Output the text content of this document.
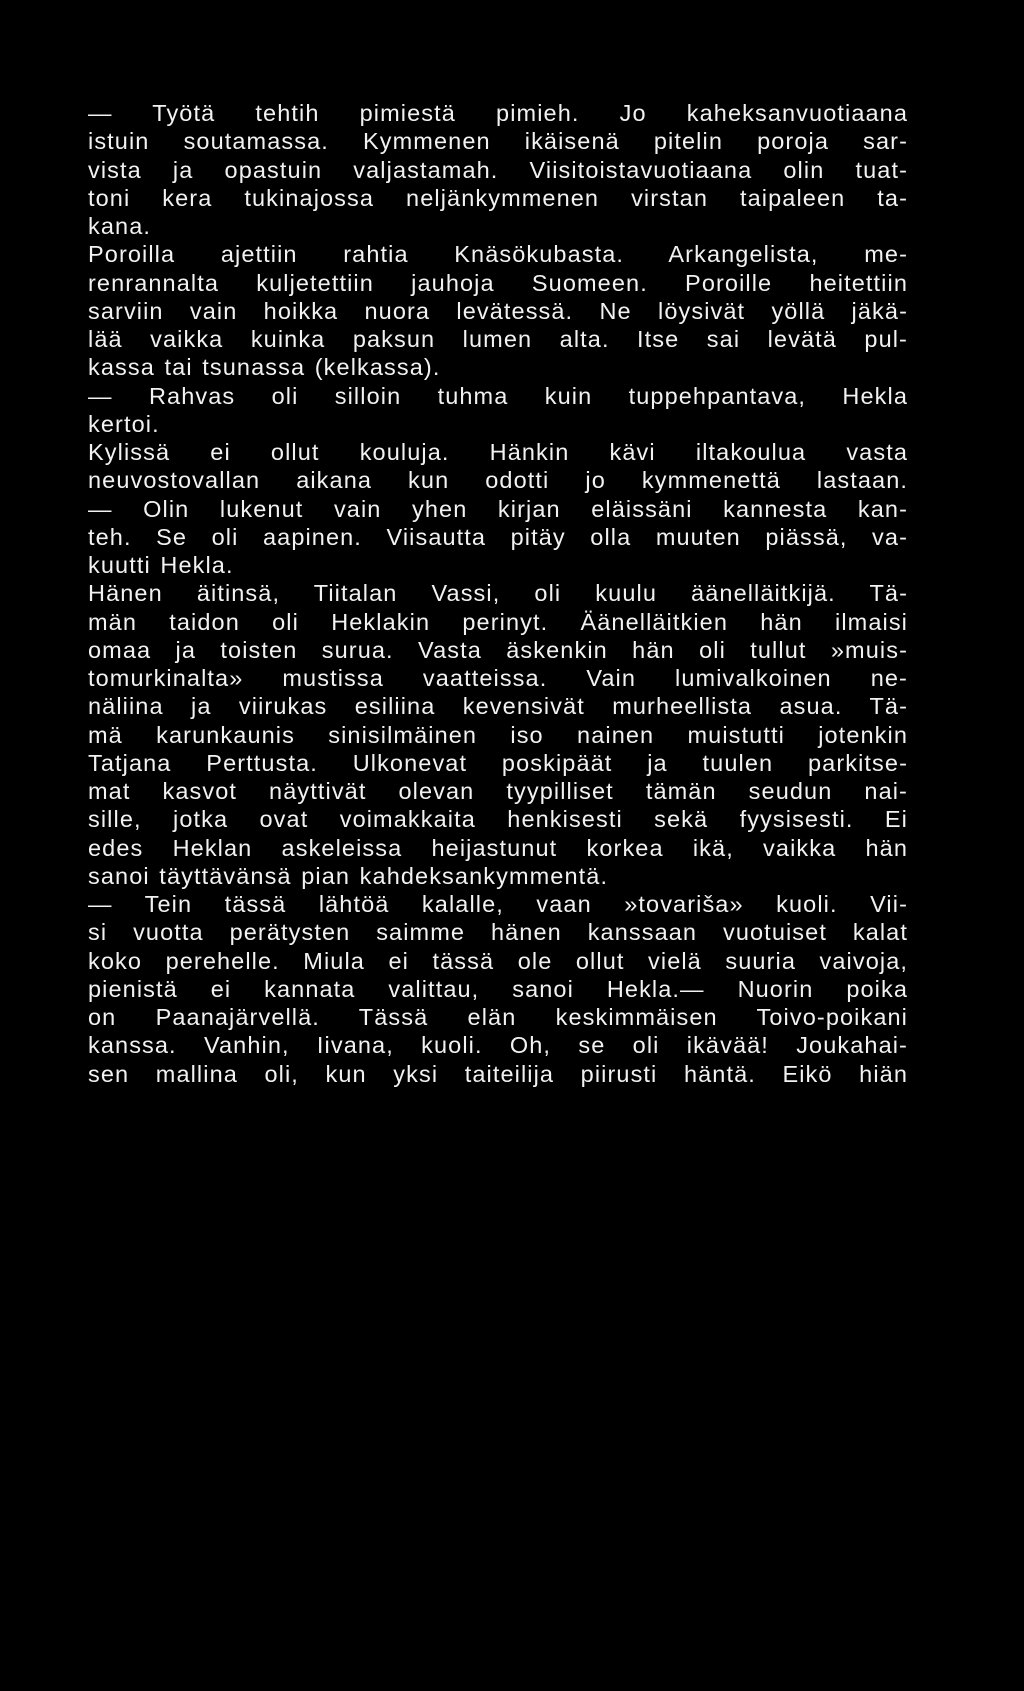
— Työtä tehtih pimiestä pimieh. Jo kaheksanvuotiaana
istuin soutamassa. Kymmenen ikäisenä pitelin poroja sar-
vista ja opastuin valjastamah. Viisitoistavuotiaana olin tuat-
toni kera tukinajossa neljänkymmenen virstan taipaleen ta-
kana.
Poroilla ajettiin rahtia Knäsökubasta. Arkangelista, me-
renrannalta kuljetettiin jauhoja Suomeen. Poroille heitettiin
sarviin vain hoikka nuora levätessä. Ne löysivät yöllä jäkä-
lää vaikka kuinka paksun lumen alta. Itse sai levätä pul-
kassa tai tsunassa (kelkassa).
— Rahvas oli silloin tuhma kuin tuppehpantava, Hekla
kertoi.
Kylissä ei ollut kouluja. Hänkin kävi iltakoulua vasta
neuvostovallan aikana kun odotti jo kymmenettä lastaan.
— Olin lukenut vain yhen kirjan eläissäni kannesta kan-
teh. Se oli aapinen. Viisautta pitäy olla muuten piässä, va-
kuutti Hekla.
Hänen äitinsä, Tiitalan Vassi, oli kuulu äänelläitkijä. Tä-
män taidon oli Heklakin perinyt. Äänelläitkien hän ilmaisi
omaa ja toisten surua. Vasta äskenkin hän oli tullut »muis-
tomurkinalta» mustissa vaatteissa. Vain lumivalkoinen ne-
näliina ja viirukas esiliina kevensivät murheellista asua. Tä-
mä karunkaunis sinisilmäinen iso nainen muistutti jotenkin
Tatjana Perttusta. Ulkonevat poskipäät ja tuulen parkitse-
mat kasvot näyttivät olevan tyypilliset tämän seudun nai-
sille, jotka ovat voimakkaita henkisesti sekä fyysisesti. Ei
edes Heklan askeleissa heijastunut korkea ikä, vaikka hän
sanoi täyttävänsä pian kahdeksankymmentä.
— Tein tässä lähtöä kalalle, vaan »tovariša» kuoli. Vii-
si vuotta perätysten saimme hänen kanssaan vuotuiset kalat
koko perehelle. Miula ei tässä ole ollut vielä suuria vaivoja,
pienistä ei kannata valittau, sanoi Hekla.— Nuorin poika
on Paanajärvellä. Tässä elän keskimmäisen Toivo-poikani
kanssa. Vanhin, Iivana, kuoli. Oh, se oli ikävää! Joukahai-
sen mallina oli, kun yksi taiteilija piirusti häntä. Eikö hiän
